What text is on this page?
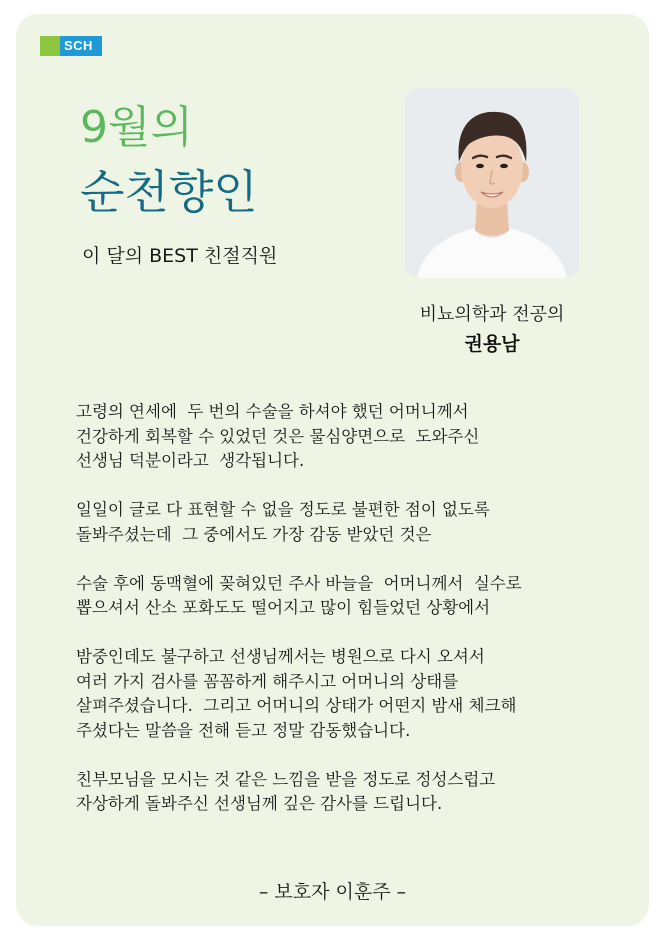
SCH
9월의
순천향인
이 달의 BEST 친절직원
비뇨의학과 전공의
권용남
고령의 연세에  두 번의 수술을 하셔야 했던 어머니께서
건강하게 회복할 수 있었던 것은 물심양면으로  도와주신
선생님 덕분이라고  생각됩니다.
일일이 글로 다 표현할 수 없을 정도로 불편한 점이 없도록
돌봐주셨는데  그 중에서도 가장 감동 받았던 것은
수술 후에 동맥혈에 꽂혀있던 주사 바늘을  어머니께서  실수로
뽑으셔서 산소 포화도도 떨어지고 많이 힘들었던 상황에서
밤중인데도 불구하고 선생님께서는 병원으로 다시 오셔서
여러 가지 검사를 꼼꼼하게 해주시고 어머니의 상태를
살펴주셨습니다.  그리고 어머니의 상태가 어떤지 밤새 체크해
주셨다는 말씀을 전해 듣고 정말 감동했습니다.
친부모님을 모시는 것 같은 느낌을 받을 정도로 정성스럽고
자상하게 돌봐주신 선생님께 깊은 감사를 드립니다.
– 보호자 이훈주 –
